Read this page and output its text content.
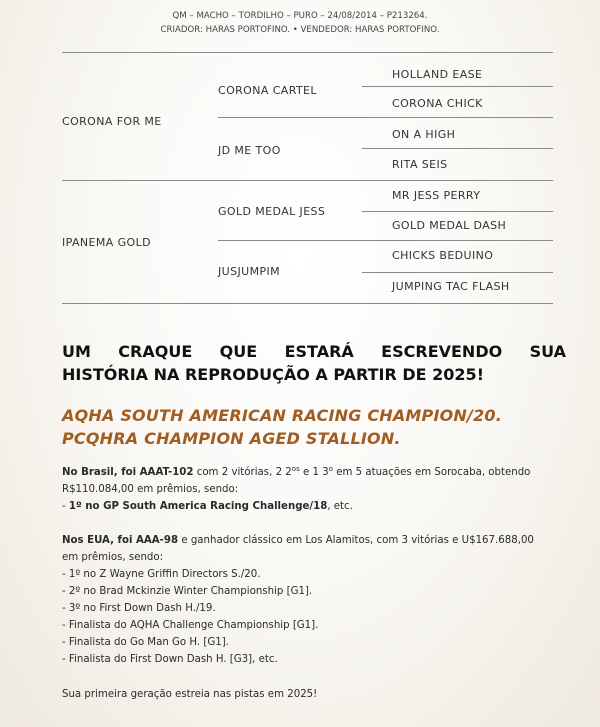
QM – MACHO – TORDILHO – PURO – 24/08/2014 – P213264.
CRIADOR: HARAS PORTOFINO. • VENDEDOR: HARAS PORTOFINO.
CORONA FOR ME
IPANEMA GOLD
CORONA CARTEL
JD ME TOO
GOLD MEDAL JESS
JUSJUMPIM
HOLLAND EASE
CORONA CHICK
ON A HIGH
RITA SEIS
MR JESS PERRY
GOLD MEDAL DASH
CHICKS BEDUINO
JUMPING TAC FLASH
UM CRAQUE QUE ESTARÁ ESCREVENDO SUA
HISTÓRIA NA REPRODUÇÃO A PARTIR DE 2025!
AQHA SOUTH AMERICAN RACING CHAMPION/20.
PCQHRA CHAMPION AGED STALLION.
No Brasil, foi AAAT-102 com 2 vitórias, 2 $2^{os}$ e 1 3$^o$ em 5 atuações em Sorocaba, obtendo
R$110.084,00 em prêmios, sendo:
- 1º no GP South America Racing Challenge/18, etc.
Nos EUA, foi AAA-98 e ganhador clássico em Los Alamitos, com 3 vitórias e U$167.688,00
em prêmios, sendo:
- 1º no Z Wayne Griffin Directors S./20.
- 2º no Brad Mckinzie Winter Championship [G1].
- 3º no First Down Dash H./19.
- Finalista do AQHA Challenge Championship [G1].
- Finalista do Go Man Go H. [G1].
- Finalista do First Down Dash H. [G3], etc.
Sua primeira geração estreia nas pistas em 2025!
